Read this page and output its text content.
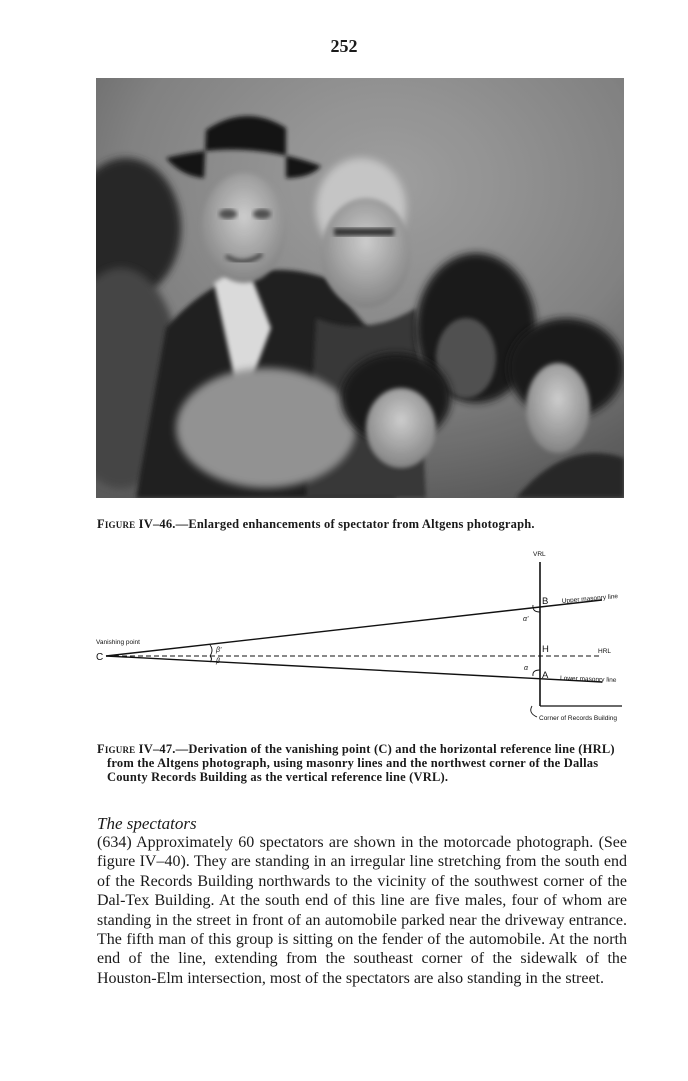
252
Figure IV–46.—Enlarged enhancements of spectator from Altgens photograph.
VRL
Vanishing point
C
B
H
A
Upper masonry line
Lower masonry line
HRL
Corner of Records Building
β'
β
α'
α
Figure IV–47.—Derivation of the vanishing point (C) and the horizontal reference line (HRL) from the Altgens photograph, using masonry lines and the northwest corner of the Dallas County Records Building as the vertical reference line (VRL).
The spectators
(634) Approximately 60 spectators are shown in the motorcade photograph. (See figure IV–40). They are standing in an irregular line stretching from the south end of the Records Building northwards to the vicinity of the southwest corner of the Dal-Tex Building. At the south end of this line are five males, four of whom are standing in the street in front of an automobile parked near the driveway entrance. The fifth man of this group is sitting on the fender of the automobile. At the north end of the line, extending from the southeast corner of the sidewalk of the Houston-Elm intersection, most of the spectators are also standing in the street.
